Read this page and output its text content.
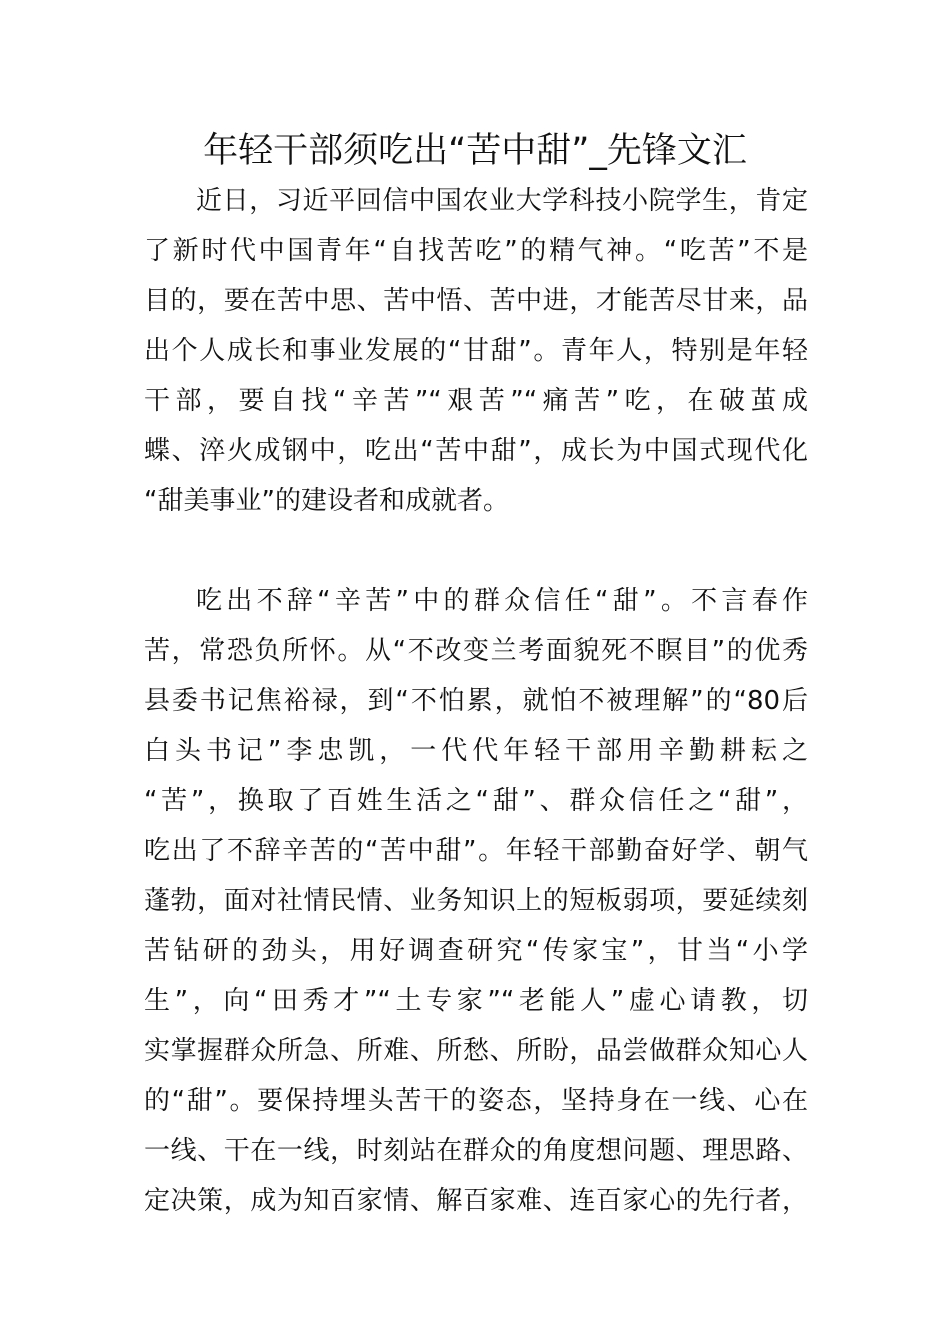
年轻干部须吃出“苦中甜”_先锋文汇
近日，习近平回信中国农业大学科技小院学生，肯定
了新时代中国青年“自找苦吃”的精气神。“吃苦”不是
目的，要在苦中思、苦中悟、苦中进，才能苦尽甘来，品
出个人成长和事业发展的“甘甜”。青年人，特别是年轻
干部，要自找“辛苦”“艰苦”“痛苦”吃，在破茧成
蝶、淬火成钢中，吃出“苦中甜”，成长为中国式现代化
“甜美事业”的建设者和成就者。
吃出不辞“辛苦”中的群众信任“甜”。不言春作
苦，常恐负所怀。从“不改变兰考面貌死不瞑目”的优秀
县委书记焦裕禄，到“不怕累，就怕不被理解”的“80后
白头书记”李忠凯，一代代年轻干部用辛勤耕耘之
“苦”，换取了百姓生活之“甜”、群众信任之“甜”，
吃出了不辞辛苦的“苦中甜”。年轻干部勤奋好学、朝气
蓬勃，面对社情民情、业务知识上的短板弱项，要延续刻
苦钻研的劲头，用好调查研究“传家宝”，甘当“小学
生”，向“田秀才”“土专家”“老能人”虚心请教，切
实掌握群众所急、所难、所愁、所盼，品尝做群众知心人
的“甜”。要保持埋头苦干的姿态，坚持身在一线、心在
一线、干在一线，时刻站在群众的角度想问题、理思路、
定决策，成为知百家情、解百家难、连百家心的先行者，
